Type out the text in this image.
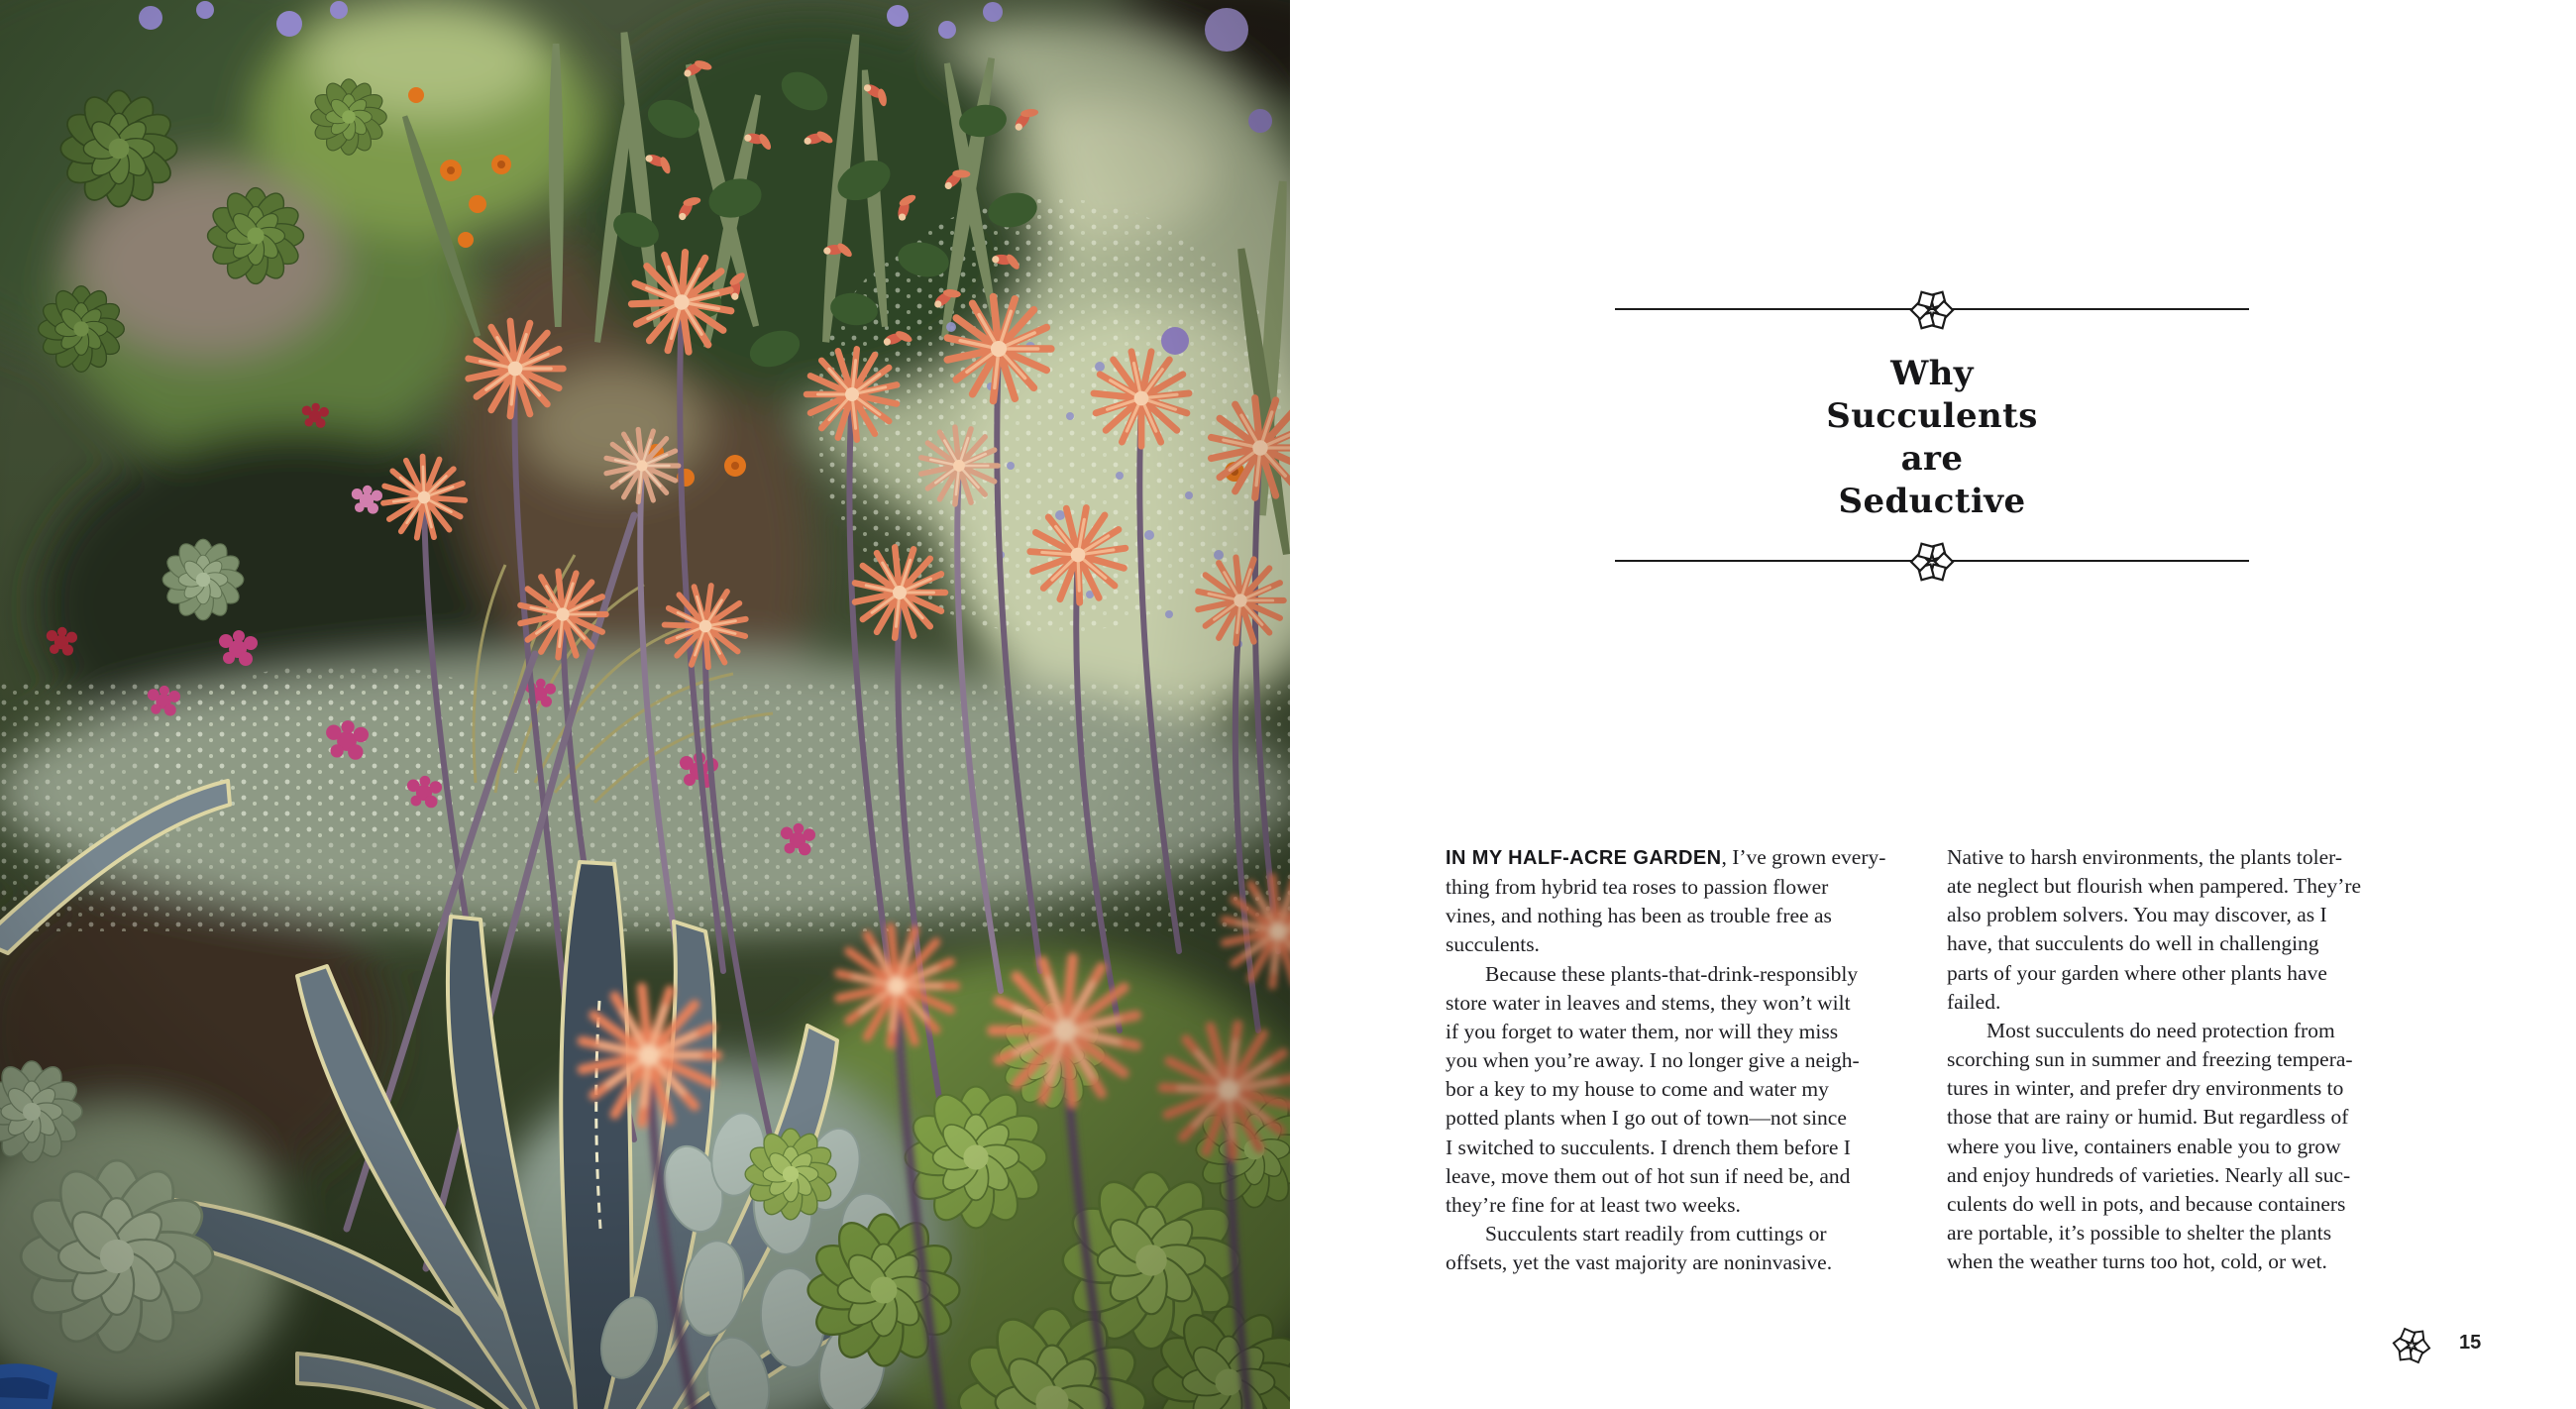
Why
Succulents
are
Seductive
IN MY HALF-ACRE GARDEN, I’ve grown every-
thing from hybrid tea roses to passion flower
vines, and nothing has been as trouble free as
succulents.
Because these plants-that-drink-responsibly
store water in leaves and stems, they won’t wilt
if you forget to water them, nor will they miss
you when you’re away. I no longer give a neigh-
bor a key to my house to come and water my
potted plants when I go out of town—not since
I switched to succulents. I drench them before I
leave, move them out of hot sun if need be, and
they’re fine for at least two weeks.
Succulents start readily from cuttings or
offsets, yet the vast majority are noninvasive.
Native to harsh environments, the plants toler-
ate neglect but flourish when pampered. They’re
also problem solvers. You may discover, as I
have, that succulents do well in challenging
parts of your garden where other plants have
failed.
Most succulents do need protection from
scorching sun in summer and freezing tempera-
tures in winter, and prefer dry environments to
those that are rainy or humid. But regardless of
where you live, containers enable you to grow
and enjoy hundreds of varieties. Nearly all suc-
culents do well in pots, and because containers
are portable, it’s possible to shelter the plants
when the weather turns too hot, cold, or wet.
15
